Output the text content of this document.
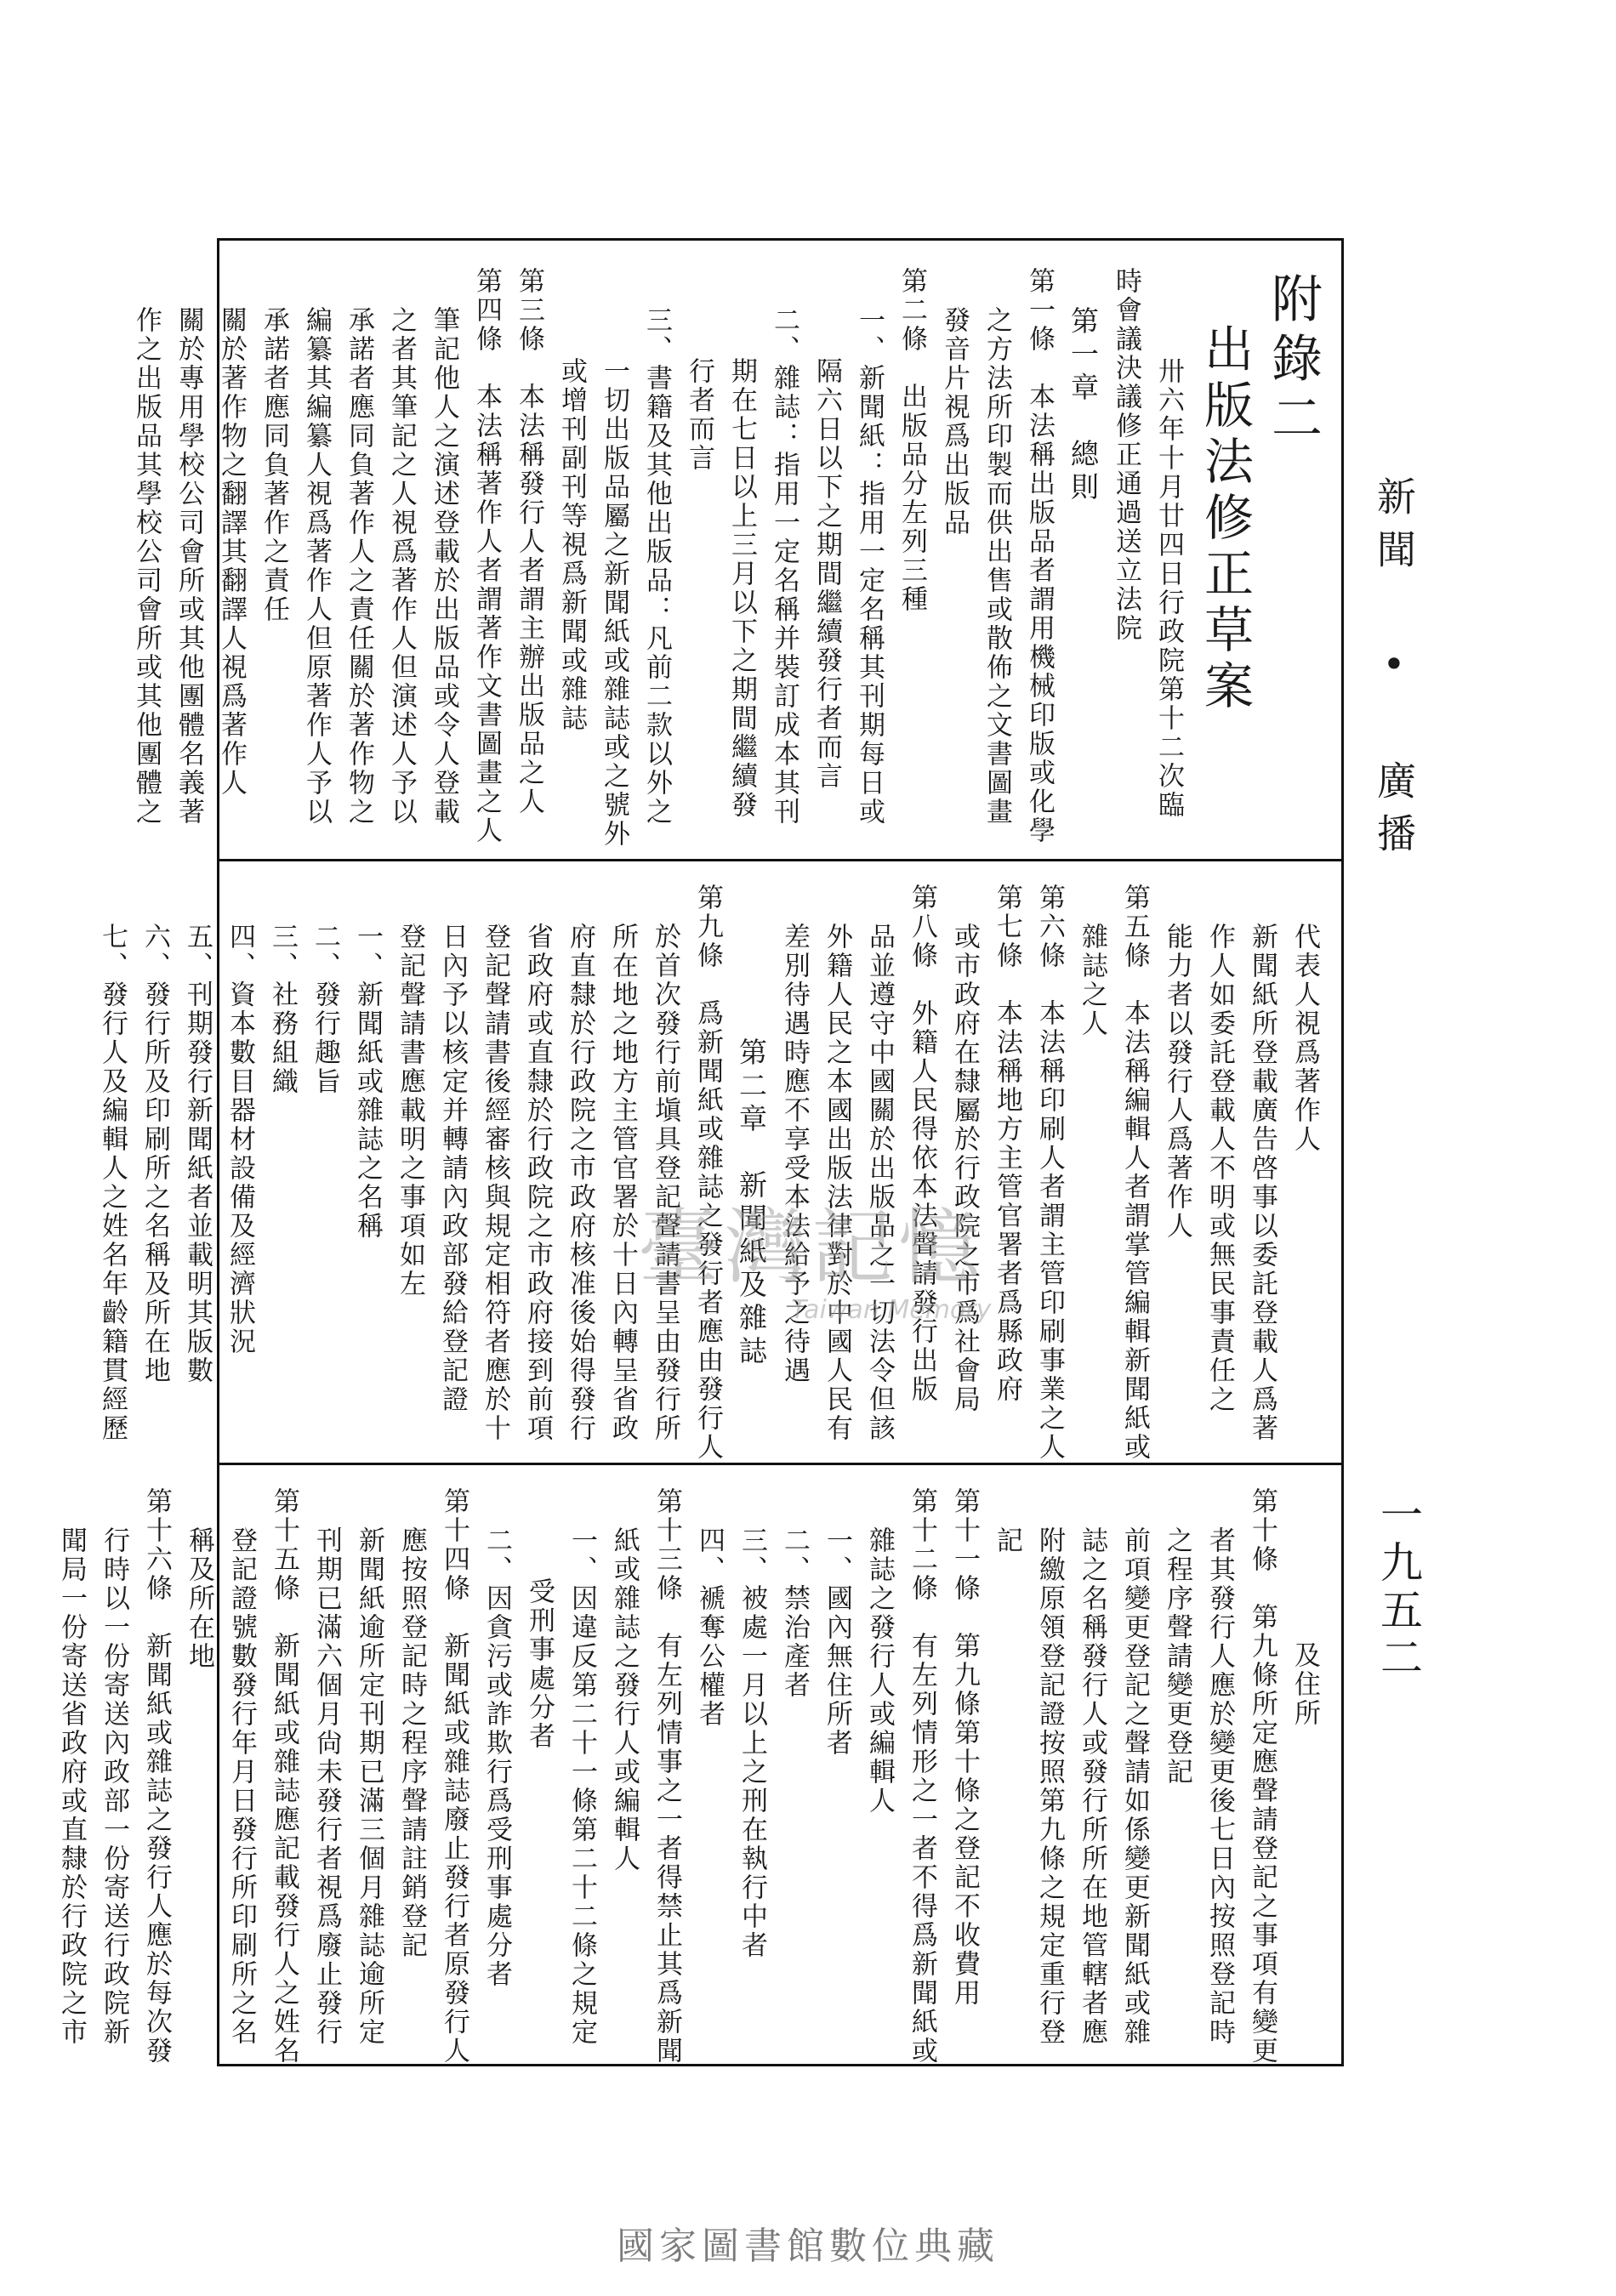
新聞 • 廣播
一九五二
附錄二
出版法修正草案
卅六年十月廿四日行政院第十二次臨
時會議決議修正通過送立法院
第一章　總則
第一條　本法稱出版品者謂用機械印版或化學
之方法所印製而供出售或散佈之文書圖畫
發音片視爲出版品
第二條　出版品分左列三種
一、新聞紙：指用一定名稱其刊期每日或
隔六日以下之期間繼續發行者而言
二、雜誌：指用一定名稱并裝訂成本其刊
期在七日以上三月以下之期間繼續發
行者而言
三、書籍及其他出版品：凡前二款以外之
一切出版品屬之新聞紙或雜誌或之號外
或增刊副刊等視爲新聞或雜誌
第三條　本法稱發行人者謂主辦出版品之人
第四條　本法稱著作人者謂著作文書圖畫之人
筆記他人之演述登載於出版品或令人登載
之者其筆記之人視爲著作人但演述人予以
承諾者應同負著作人之責任關於著作物之
編纂其編纂人視爲著作人但原著作人予以
承諾者應同負著作之責任
關於著作物之翻譯其翻譯人視爲著作人
關於專用學校公司會所或其他團體名義著
作之出版品其學校公司會所或其他團體之
代表人視爲著作人
新聞紙所登載廣告啓事以委託登載人爲著
作人如委託登載人不明或無民事責任之
能力者以發行人爲著作人
第五條　本法稱編輯人者謂掌管編輯新聞紙或
雜誌之人
第六條　本法稱印刷人者謂主管印刷事業之人
第七條　本法稱地方主管官署者爲縣政府
或市政府在隸屬於行政院之市爲社會局
第八條　外籍人民得依本法聲請發行出版
品並遵守中國關於出版品之一切法令但該
外籍人民之本國出版法律對於中國人民有
差別待遇時應不享受本法給予之待遇
第二章　新聞紙及雜誌
第九條　爲新聞紙或雜誌之發行者應由發行人
於首次發行前塡具登記聲請書呈由發行所
所在地之地方主管官署於十日內轉呈省政
府直隸於行政院之市政府核准後始得發行
省政府或直隸於行政院之市政府接到前項
登記聲請書後經審核與規定相符者應於十
日內予以核定并轉請內政部發給登記證
登記聲請書應載明之事項如左
一、新聞紙或雜誌之名稱
二、發行趣旨
三、社務組織
四、資本數目器材設備及經濟狀況
五、刊期發行新聞紙者並載明其版數
六、發行所及印刷所之名稱及所在地
七、發行人及編輯人之姓名年齡籍貫經歷
及住所
第十條　第九條所定應聲請登記之事項有變更
者其發行人應於變更後七日內按照登記時
之程序聲請變更登記
前項變更登記之聲請如係變更新聞紙或雜
誌之名稱發行人或發行所所在地管轄者應
附繳原領登記證按照第九條之規定重行登
記
第十一條　第九條第十條之登記不收費用
第十二條　有左列情形之一者不得爲新聞紙或
雜誌之發行人或編輯人
一、國內無住所者
二、禁治產者
三、被處一月以上之刑在執行中者
四、褫奪公權者
第十三條　有左列情事之一者得禁止其爲新聞
紙或雜誌之發行人或編輯人
一、因違反第二十一條第二十二條之規定
受刑事處分者
二、因貪污或詐欺行爲受刑事處分者
第十四條　新聞紙或雜誌廢止發行者原發行人
應按照登記時之程序聲請註銷登記
新聞紙逾所定刊期已滿三個月雜誌逾所定
刊期已滿六個月尙未發行者視爲廢止發行
第十五條　新聞紙或雜誌應記載發行人之姓名
登記證號數發行年月日發行所印刷所之名
稱及所在地
第十六條　新聞紙或雜誌之發行人應於每次發
行時以一份寄送內政部一份寄送行政院新
聞局一份寄送省政府或直隸於行政院之市
臺灣記憶
Taiwan Memory
國家圖書館數位典藏
